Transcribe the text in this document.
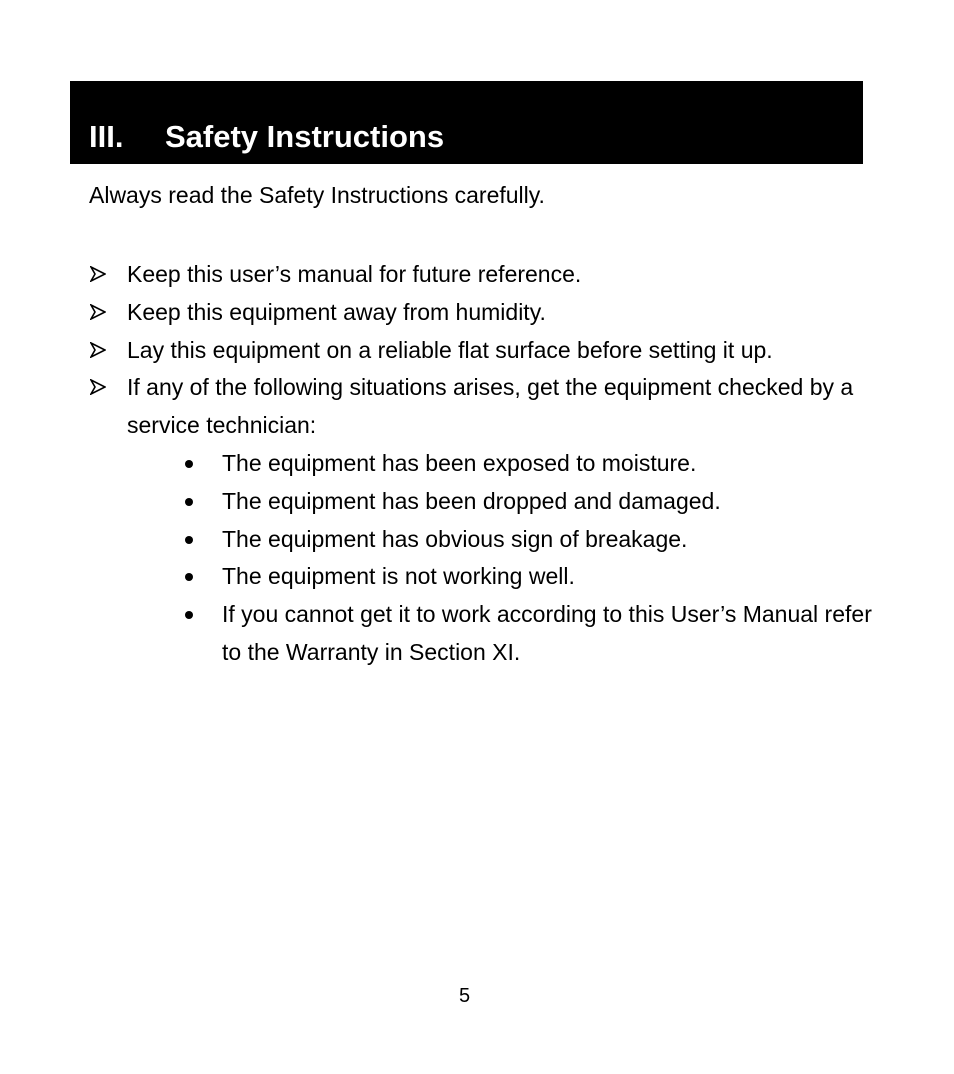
III. Safety Instructions

Always read the Safety Instructions carefully.

Keep this user’s manual for future reference.
Keep this equipment away from humidity.
Lay this equipment on a reliable flat surface before setting it up.
If any of the following situations arises, get the equipment checked by a service technician:
The equipment has been exposed to moisture.
The equipment has been dropped and damaged.
The equipment has obvious sign of breakage.
The equipment is not working well.
If you cannot get it to work according to this User’s Manual refer to the Warranty in Section XI.
5
